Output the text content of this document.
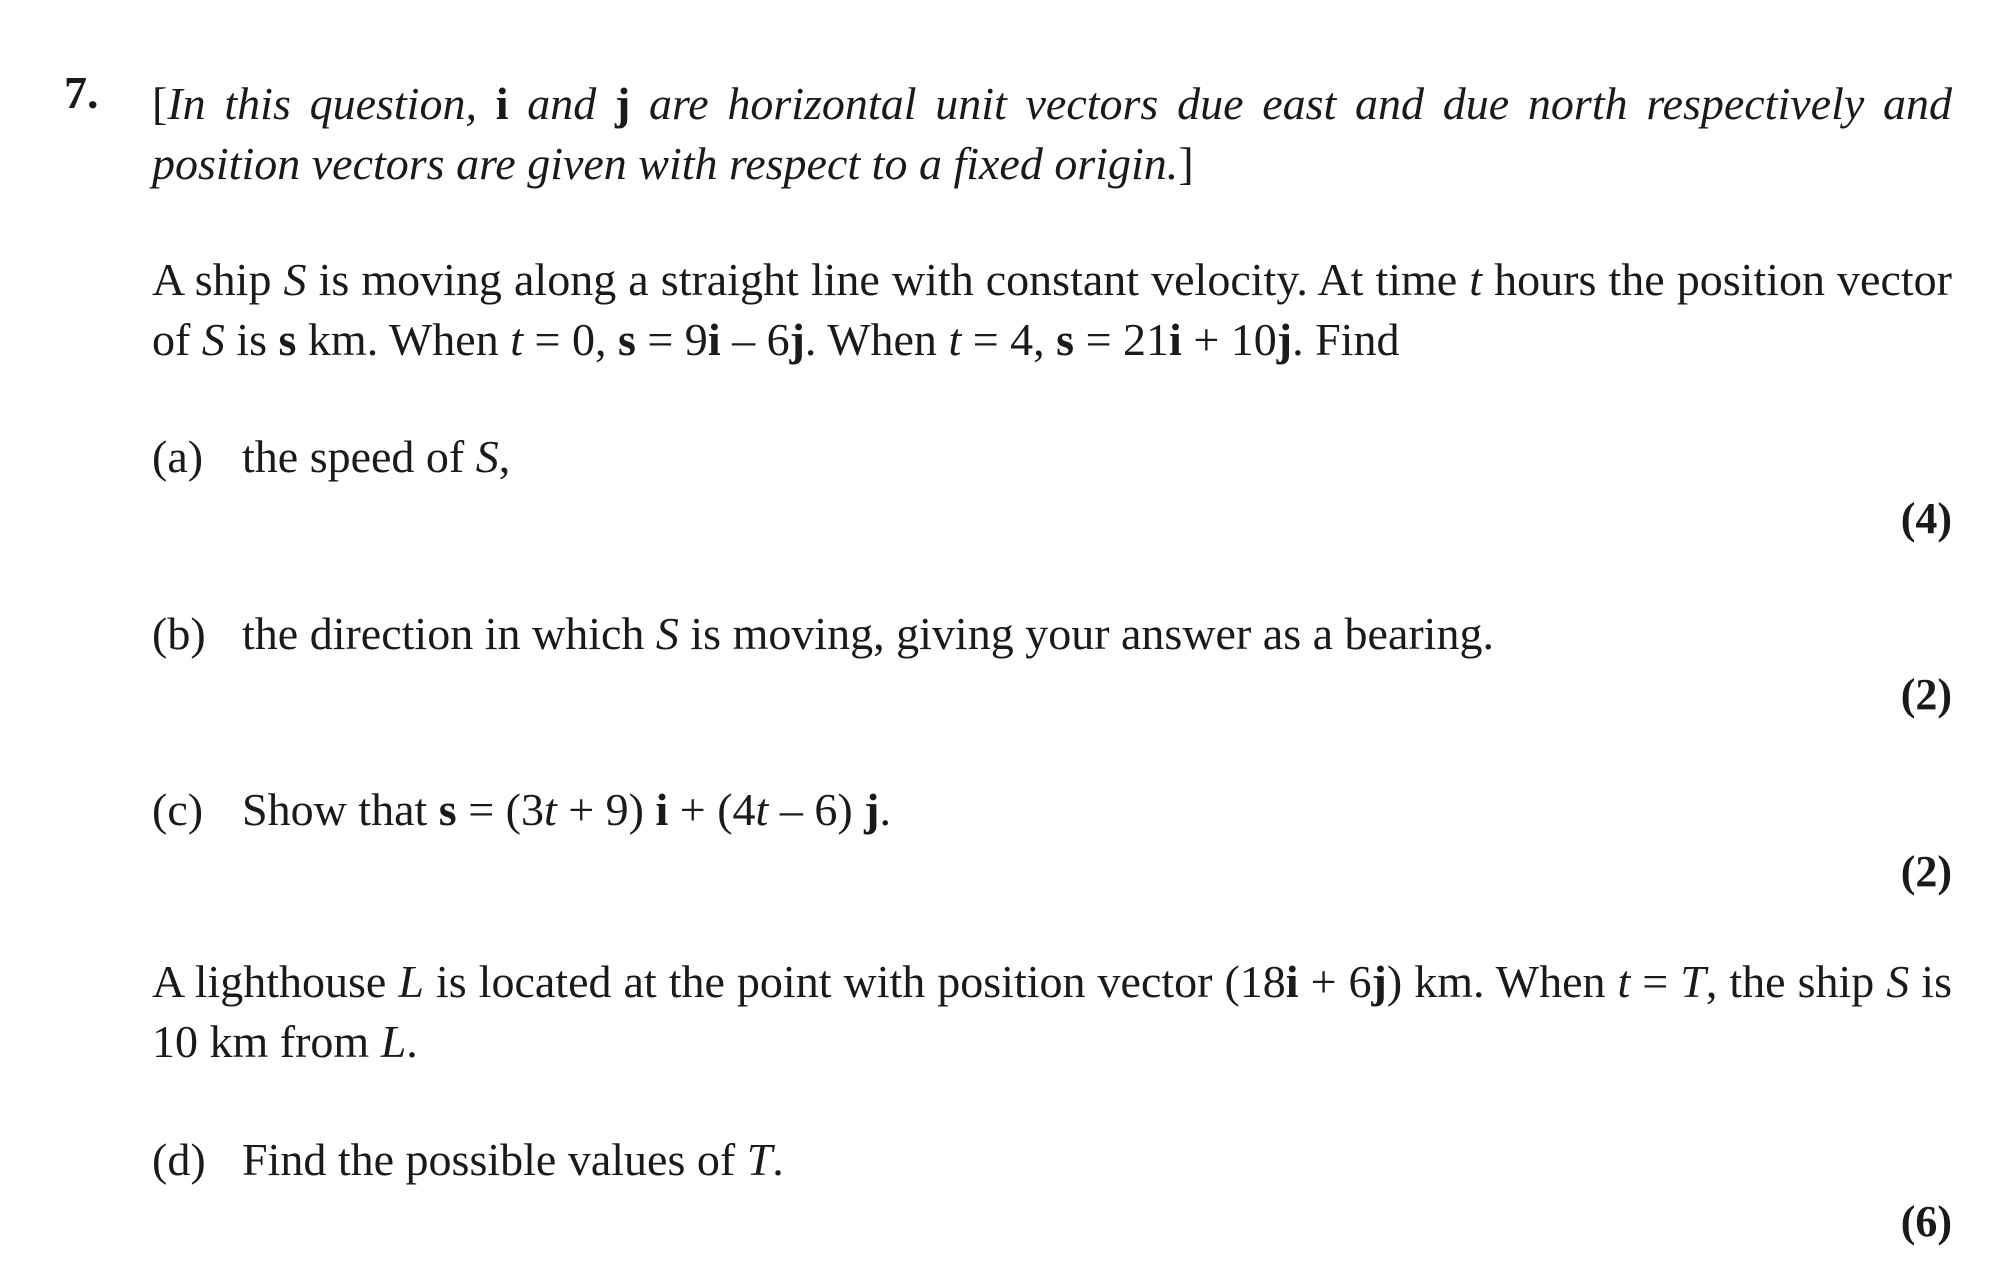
7. [In this question, i and j are horizontal unit vectors due east and due north respectively and position vectors are given with respect to a fixed origin.]
A ship S is moving along a straight line with constant velocity. At time t hours the position vector of S is s km. When t = 0, s = 9i – 6j. When t = 4, s = 21i + 10j. Find
(a) the speed of S,
(4)
(b) the direction in which S is moving, giving your answer as a bearing.
(2)
(c) Show that s = (3t + 9) i + (4t – 6) j.
(2)
A lighthouse L is located at the point with position vector (18i + 6j) km. When t = T, the ship S is 10 km from L.
(d) Find the possible values of T.
(6)
